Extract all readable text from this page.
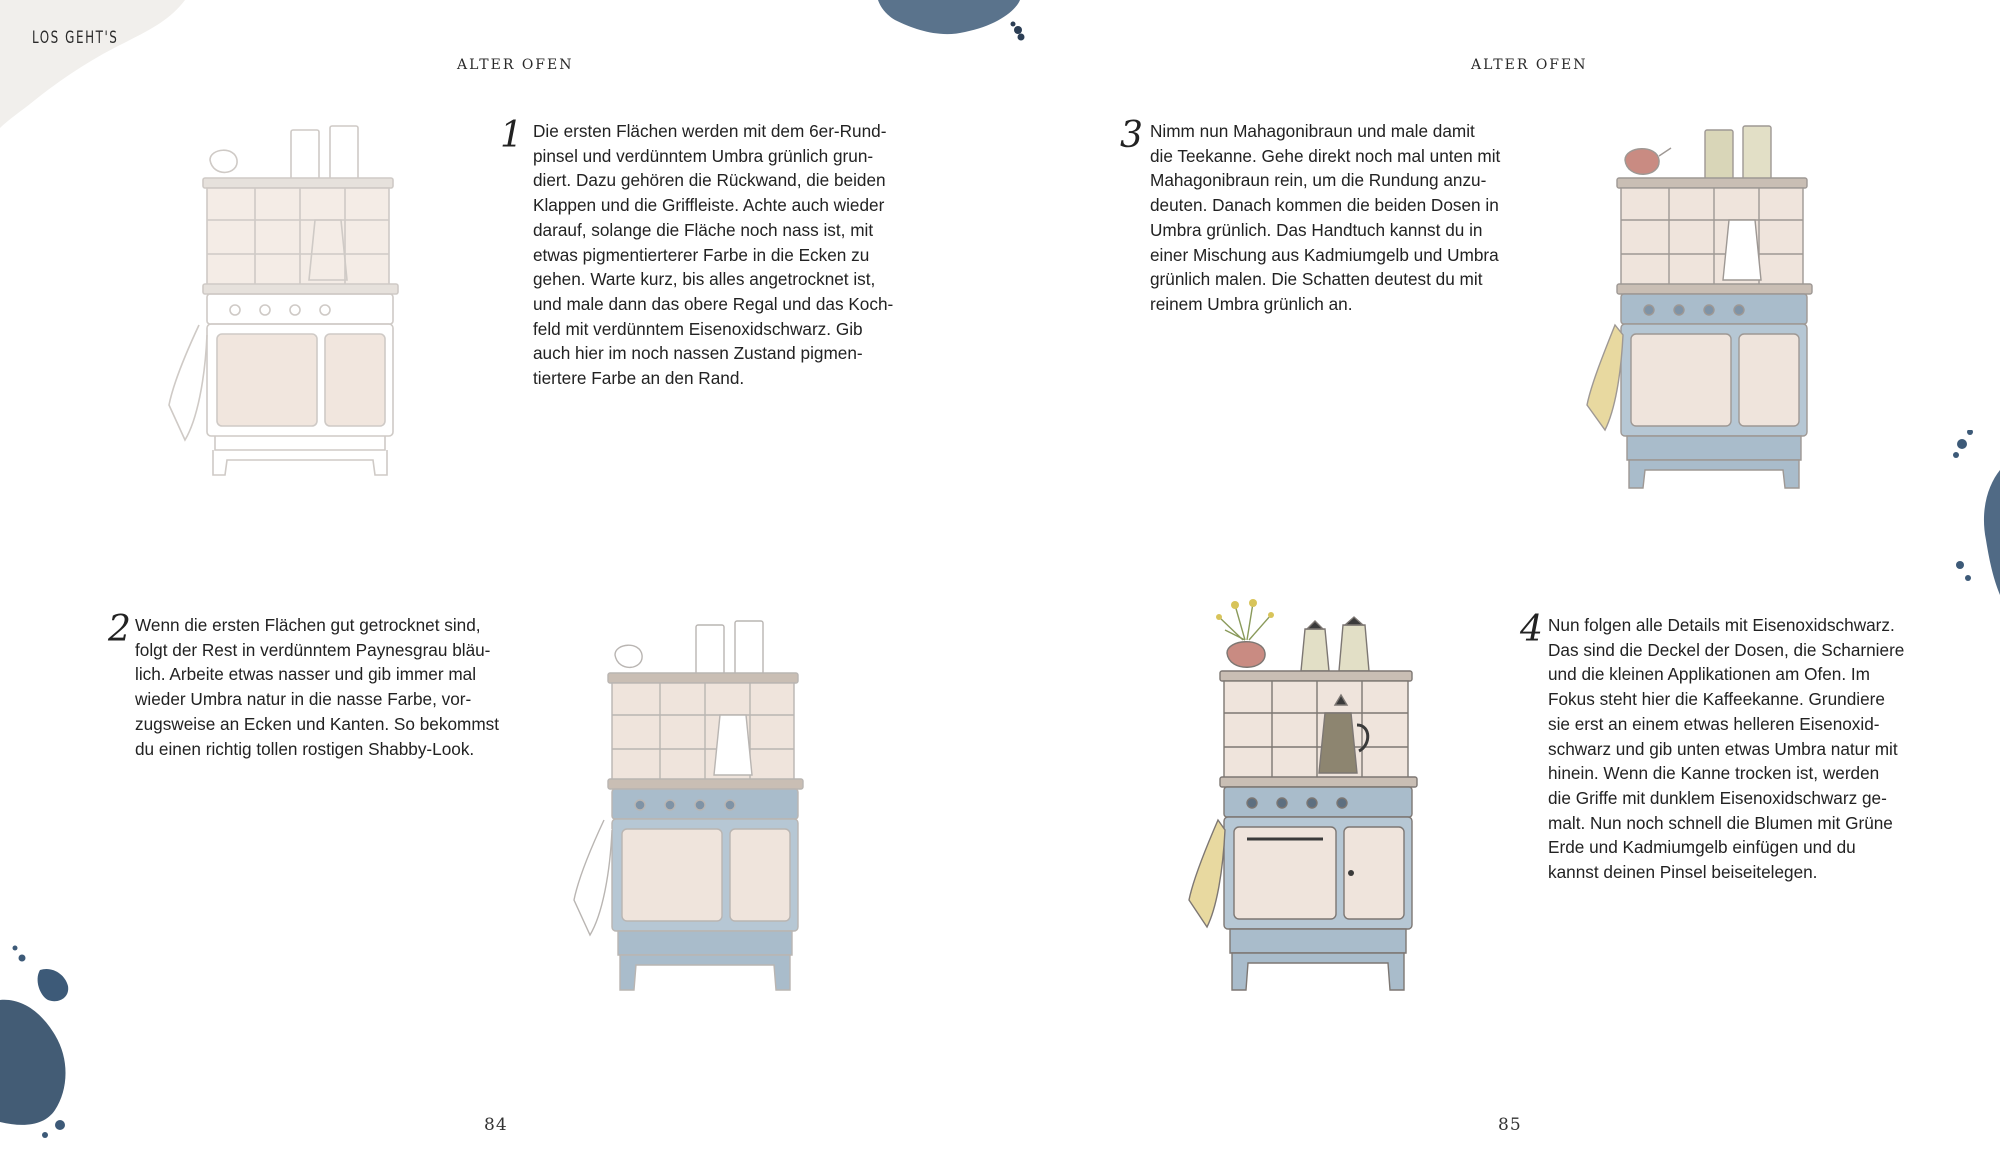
LOS GEHT'S
ALTER OFEN	ALTER OFEN
1 Die ersten Flächen werden mit dem 6er-Rund-
pinsel und verdünntem Umbra grünlich grun-
diert. Dazu gehören die Rückwand, die beiden
Klappen und die Griffleiste. Achte auch wieder
darauf, solange die Fläche noch nass ist, mit
etwas pigmentierterer Farbe in die Ecken zu
gehen. Warte kurz, bis alles angetrocknet ist,
und male dann das obere Regal und das Koch-
feld mit verdünntem Eisenoxidschwarz. Gib
auch hier im noch nassen Zustand pigmen-
tiertere Farbe an den Rand.
2 Wenn die ersten Flächen gut getrocknet sind,
folgt der Rest in verdünntem Paynesgrau bläu-
lich. Arbeite etwas nasser und gib immer mal
wieder Umbra natur in die nasse Farbe, vor-
zugsweise an Ecken und Kanten. So bekommst
du einen richtig tollen rostigen Shabby-Look.
3 Nimm nun Mahagonibraun und male damit
die Teekanne. Gehe direkt noch mal unten mit
Mahagonibraun rein, um die Rundung anzu-
deuten. Danach kommen die beiden Dosen in
Umbra grünlich. Das Handtuch kannst du in
einer Mischung aus Kadmiumgelb und Umbra
grünlich malen. Die Schatten deutest du mit
reinem Umbra grünlich an.
4 Nun folgen alle Details mit Eisenoxidschwarz.
Das sind die Deckel der Dosen, die Scharniere
und die kleinen Applikationen am Ofen. Im
Fokus steht hier die Kaffeekanne. Grundiere
sie erst an einem etwas helleren Eisenoxid-
schwarz und gib unten etwas Umbra natur mit
hinein. Wenn die Kanne trocken ist, werden
die Griffe mit dunklem Eisenoxidschwarz ge-
malt. Nun noch schnell die Blumen mit Grüne
Erde und Kadmiumgelb einfügen und du
kannst deinen Pinsel beiseitelegen.
84	85
